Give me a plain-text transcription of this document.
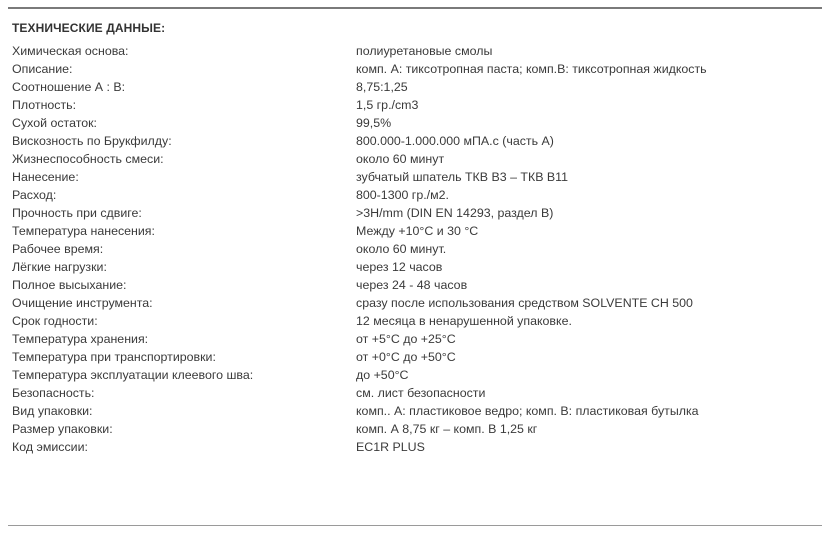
ТЕХНИЧЕСКИЕ ДАННЫЕ:
Химическая основа:	полиуретановые смолы
Описание:	комп. А: тиксотропная паста; комп.В: тиксотропная жидкость
Соотношение А : В:	8,75:1,25
Плотность:	1,5 гр./cm3
Сухой остаток:	99,5%
Вискозность по Брукфилду:	800.000-1.000.000 мПА.с (часть А)
Жизнеспособность смеси:	около 60 минут
Нанесение:	зубчатый шпатель ТКВ В3 – ТКВ В11
Расход:	800-1300 гр./м2.
Прочность при сдвиге:	>3H/mm (DIN EN 14293, раздел В)
Температура нанесения:	Между +10°С и 30 °С
Рабочее время:	около 60 минут.
Лёгкие нагрузки:	через 12 часов
Полное высыхание:	через 24 - 48 часов
Очищение инструмента:	сразу после использования средством SOLVENTE CH 500
Срок годности:	12 месяца в ненарушенной упаковке.
Температура хранения:	от +5°С до +25°С
Температура при транспортировки:	от +0°С до +50°С
Температура эксплуатации клеевого шва:	до +50°С
Безопасность:	см. лист безопасности
Вид упаковки:	комп.. А: пластиковое ведро; комп. В: пластиковая бутылка
Размер упаковки:	комп. А 8,75 кг – комп. В 1,25 кг
Код эмиссии:	EC1R PLUS
